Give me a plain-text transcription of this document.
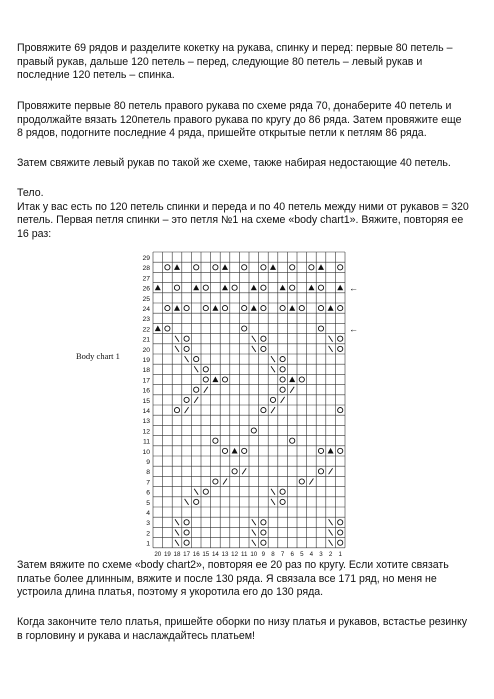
Провяжите 69 рядов и разделите кокетку на рукава, спинку и перед: первые 80 петель –
правый рукав, дальше 120 петель – перед, следующие 80 петель – левый рукав и
последние 120 петель – спинка.

Провяжите первые 80 петель правого рукава по схеме ряда 70, донаберите 40 петель и
продолжайте вязать 120петель правого рукава по кругу до 86 ряда. Затем провяжите еще
8 рядов, подогните последние 4 ряда, пришейте открытые петли к петлям 86 ряда.

Затем свяжите левый рукав по такой же схеме, также набирая недостающие 40 петель.

Тело.
Итак у вас есть по 120 петель спинки и переда и по 40 петель между ними от рукавов = 320
петель. Первая петля спинки – это петля №1 на схеме «body chart1». Вяжите, повторяя ее
16 раз:

Body chart 1
29
28
27
26
25
24
23
22
21
20
19
18
17
16
15
14
13
12
11
10
9
8
7
6
5
4
3
2
1
20 19 18 17 16 15 14 13 12 11 10 9 8 7 6 5 4 3 2 1
←
←

Затем вяжите по схеме «body chart2», повторяя ее 20 раз по кругу. Если хотите связать
платье более длинным, вяжите и после 130 ряда. Я связала все 171 ряд, но меня не
устроила длина платья, поэтому я укоротила его до 130 ряда.

Когда закончите тело платья, пришейте оборки по низу платья и рукавов, встастье резинку
в горловину и рукава и наслаждайтесь платьем!
